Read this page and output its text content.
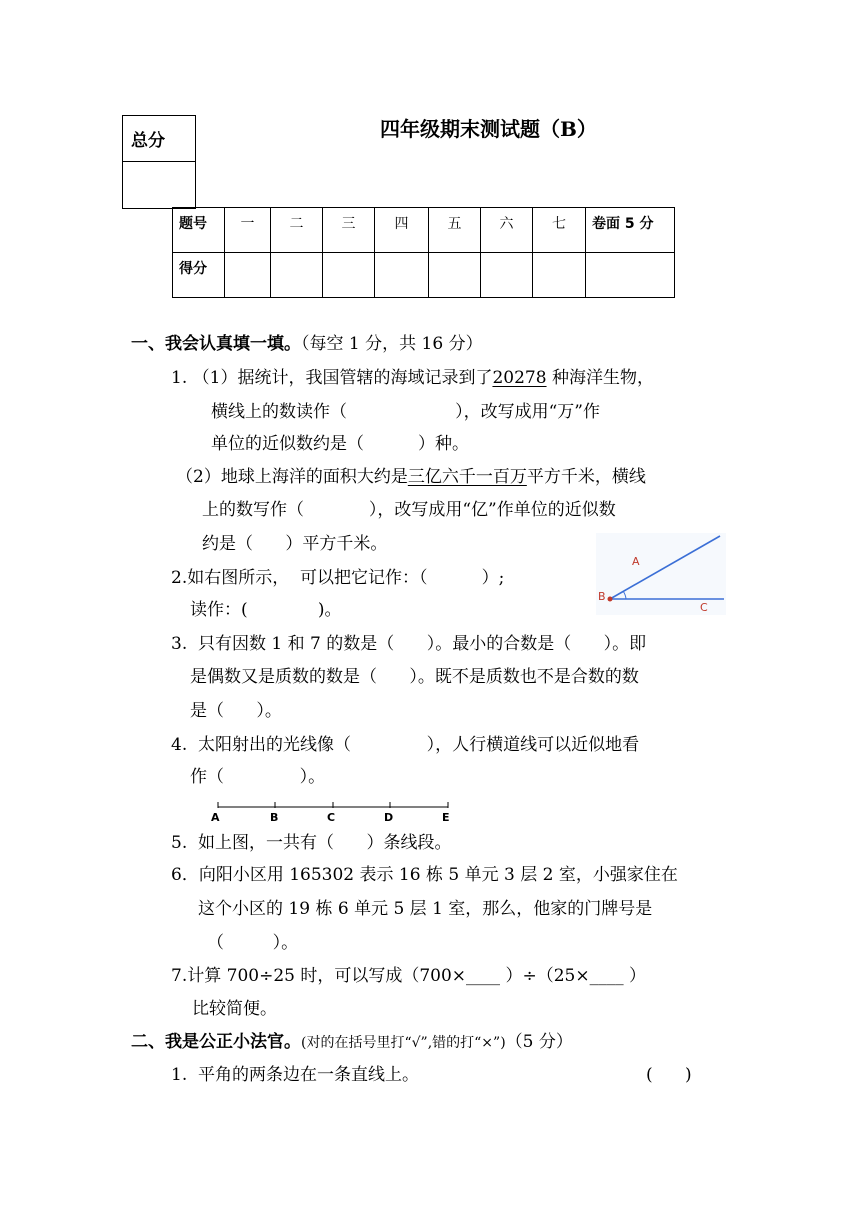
总分	四年级期末测试题（B）
题号	一	二	三	四	五	六	七	卷面 5 分
得分								
一、我会认真填一填。（每空 1 分，共 16 分）
1. （1）据统计，我国管辖的海域记录到了20278 种海洋生物，
横线上的数读作（                    ），改写成用“万”作
单位的近似数约是（          ）种。
（2）地球上海洋的面积大约是三亿六千一百万平方千米，横线
上的数写作（            ），改写成用“亿”作单位的近似数
约是（      ）平方千米。
A
B
C
2.如右图所示，  可以把它记作：（          ）;
读作：(             )。
3.  只有因数 1 和 7 的数是（      ）。最小的合数是（      ）。即
是偶数又是质数的数是（      ）。既不是质数也不是合数的数
是（      ）。
4.  太阳射出的光线像（              ），人行横道线可以近似地看
作（              ）。
A	B	C	D	E
5.  如上图，一共有（      ）条线段。
6．向阳小区用 165302 表示 16 栋 5 单元 3 层 2 室，小强家住在
这个小区的 19 栋 6 单元 5 层 1 室，那么，他家的门牌号是
（         ）。
7.计算 700÷25 时，可以写成（700×____ ）÷（25×____ ）
比较简便。
二、我是公正小法官。(对的在括号里打“√”,错的打“×”)（5 分）
1.  平角的两条边在一条直线上。	(      )
